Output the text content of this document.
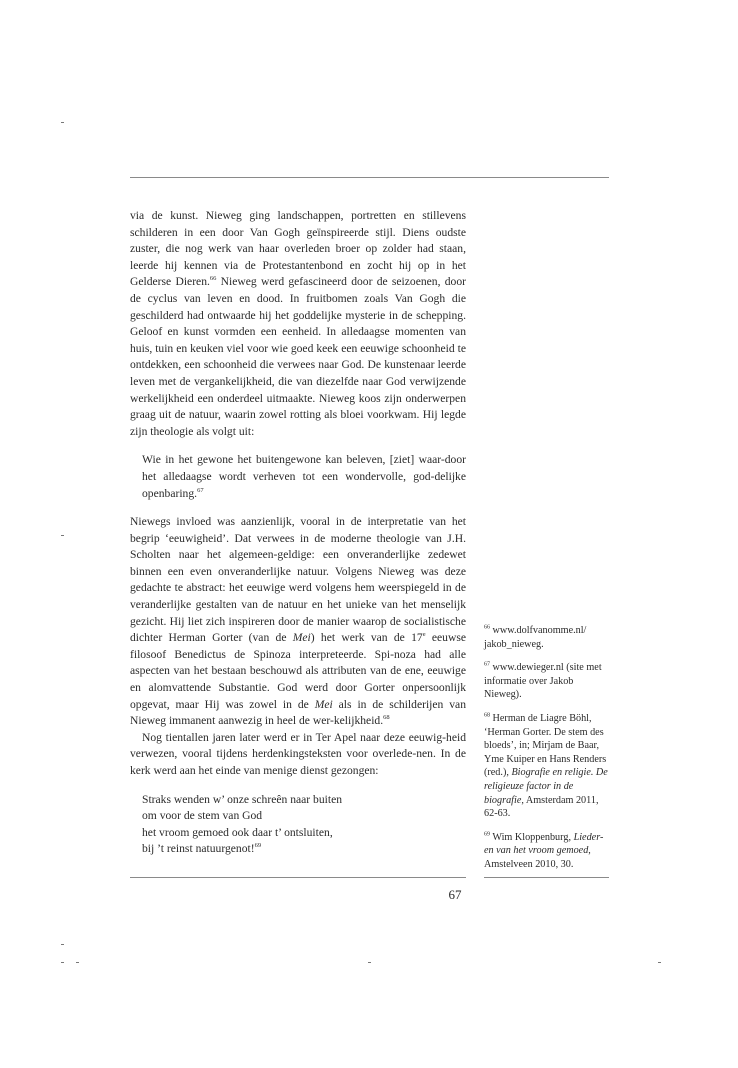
via de kunst. Nieweg ging landschappen, portretten en stillevens schilderen in een door Van Gogh geïnspireerde stijl. Diens oudste zuster, die nog werk van haar overleden broer op zolder had staan, leerde hij kennen via de Protestantenbond en zocht hij op in het Gelderse Dieren.$^{66}$ Nieweg werd gefascineerd door de seizoenen, door de cyclus van leven en dood. In fruitbomen zoals Van Gogh die geschilderd had ontwaarde hij het goddelijke mysterie in de schepping. Geloof en kunst vormden een eenheid. In alledaagse momenten van huis, tuin en keuken viel voor wie goed keek een eeuwige schoonheid te ontdekken, een schoonheid die verwees naar God. De kunstenaar leerde leven met de vergankelijkheid, die van diezelfde naar God verwijzende werkelijkheid een onderdeel uitmaakte. Nieweg koos zijn onderwerpen graag uit de natuur, waarin zowel rotting als bloei voorkwam. Hij legde zijn theologie als volgt uit:

Wie in het gewone het buitengewone kan beleven, [ziet] waar-door het alledaagse wordt verheven tot een wondervolle, god-delijke openbaring.$^{67}$

Niewegs invloed was aanzienlijk, vooral in de interpretatie van het begrip ‘eeuwigheid’. Dat verwees in de moderne theologie van J.H. Scholten naar het algemeen-geldige: een onveranderlijke zedewet binnen een even onveranderlijke natuur. Volgens Nieweg was deze gedachte te abstract: het eeuwige werd volgens hem weerspiegeld in de veranderlijke gestalten van de natuur en het unieke van het menselijk gezicht. Hij liet zich inspireren door de manier waarop de socialistische dichter Herman Gorter (van de Mei) het werk van de 17e eeuwse filosoof Benedictus de Spinoza interpreteerde. Spi-noza had alle aspecten van het bestaan beschouwd als attributen van de ene, eeuwige en alomvattende Substantie. God werd door Gorter onpersoonlijk opgevat, maar Hij was zowel in de Mei als in de schilderijen van Nieweg immanent aanwezig in heel de wer-kelijkheid.$^{68}$

Nog tientallen jaren later werd er in Ter Apel naar deze eeuwig-heid verwezen, vooral tijdens herdenkingsteksten voor overlede-nen. In de kerk werd aan het einde van menige dienst gezongen:

Straks wenden w’ onze schreên naar buiten
om voor de stem van God
het vroom gemoed ook daar t’ ontsluiten,
bij ’t reinst natuurgenot!$^{69}$
$^{66}$ www.dolfvanomme.nl/ jakob_nieweg.
$^{67}$ www.dewieger.nl (site met informatie over Jakob Nieweg).
$^{68}$ Herman de Liagre Böhl, ‘Herman Gorter. De stem des bloeds’, in; Mirjam de Baar, Yme Kuiper en Hans Renders (red.), Biografie en religie. De religieuze factor in de biografie, Amsterdam 2011, 62-63.
$^{69}$ Wim Kloppenburg, Lieder-en van het vroom gemoed, Amstelveen 2010, 30.
67
